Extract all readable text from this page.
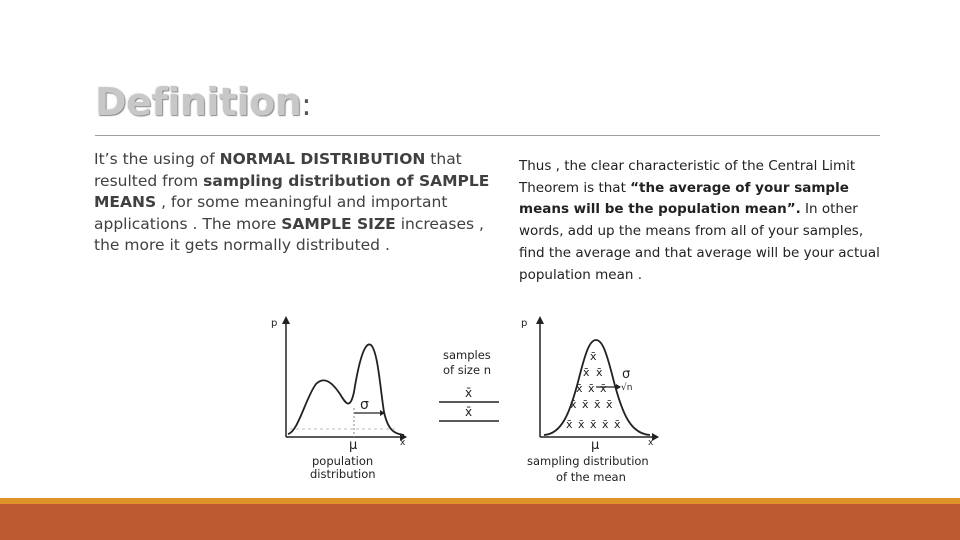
Definition:
It’s the using of NORMAL DISTRIBUTION that resulted from sampling distribution of SAMPLE MEANS , for some meaningful and important applications . The more SAMPLE SIZE increases , the more it gets normally distributed .
Thus , the clear characteristic of the Central Limit Theorem is that “the average of your sample means will be the population mean”. In other words, add up the means from all of your samples, find the average and that average will be your actual population mean .
p
x
μ
σ
population
distribution
samples
of size n
x̄
x̄
x̄
x̄ x̄
x̄ x̄ x̄
x̄ x̄ x̄ x̄
x̄ x̄ x̄ x̄ x̄
σ
√n
p
x
μ
sampling distribution
of the mean
